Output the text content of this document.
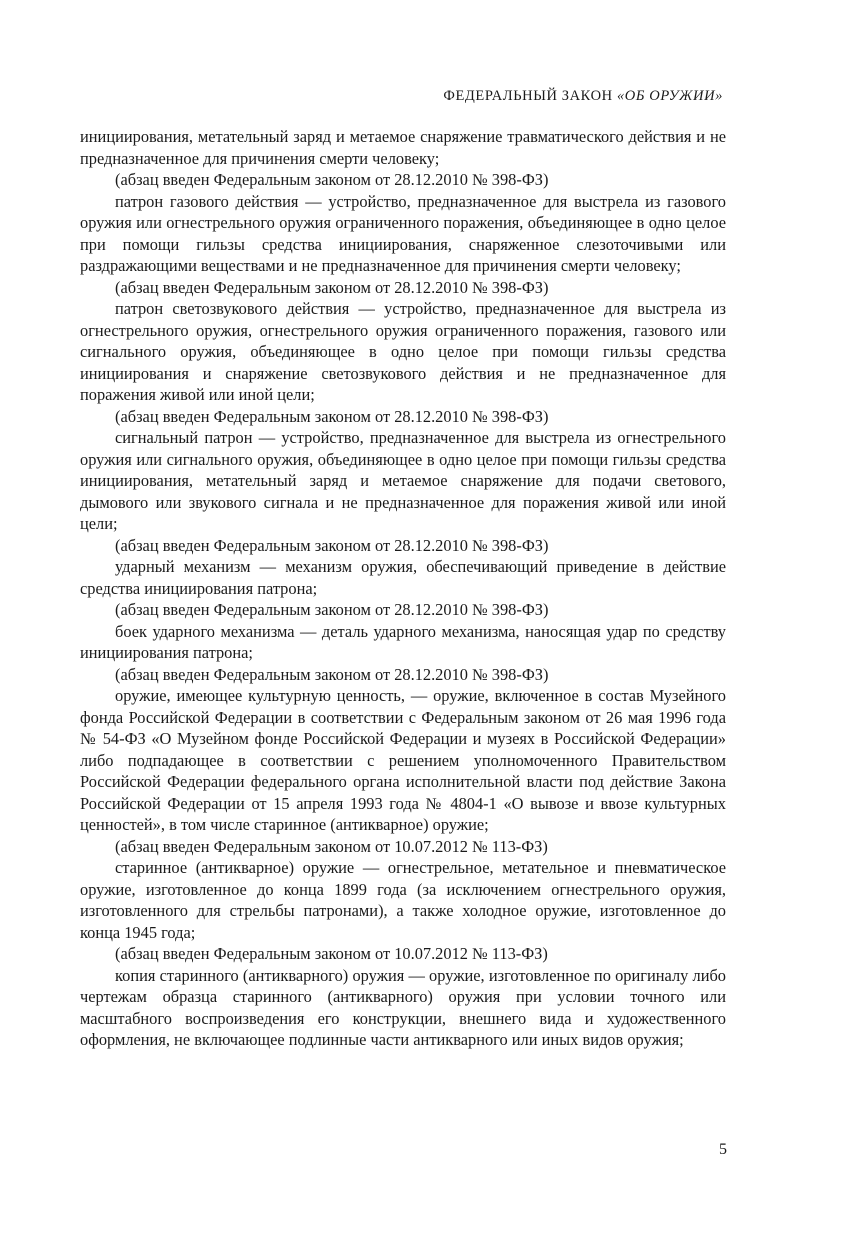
ФЕДЕРАЛЬНЫЙ ЗАКОН «ОБ ОРУЖИИ»

инициирования, метательный заряд и метаемое снаряжение травматического действия и не предназначенное для причинения смерти человеку;

(абзац введен Федеральным законом от 28.12.2010 № 398-ФЗ)

патрон газового действия — устройство, предназначенное для выстрела из газового оружия или огнестрельного оружия ограниченного поражения, объединяющее в одно целое при помощи гильзы средства инициирования, снаряженное слезоточивыми или раздражающими веществами и не предназначенное для причинения смерти человеку;

(абзац введен Федеральным законом от 28.12.2010 № 398-ФЗ)

патрон светозвукового действия — устройство, предназначенное для выстрела из огнестрельного оружия, огнестрельного оружия ограниченного поражения, газового или сигнального оружия, объединяющее в одно целое при помощи гильзы средства инициирования и снаряжение светозвукового действия и не предназначенное для поражения живой или иной цели;

(абзац введен Федеральным законом от 28.12.2010 № 398-ФЗ)

сигнальный патрон — устройство, предназначенное для выстрела из огнестрельного оружия или сигнального оружия, объединяющее в одно целое при помощи гильзы средства инициирования, метательный заряд и метаемое снаряжение для подачи светового, дымового или звукового сигнала и не предназначенное для поражения живой или иной цели;

(абзац введен Федеральным законом от 28.12.2010 № 398-ФЗ)

ударный механизм — механизм оружия, обеспечивающий приведение в действие средства инициирования патрона;

(абзац введен Федеральным законом от 28.12.2010 № 398-ФЗ)

боек ударного механизма — деталь ударного механизма, наносящая удар по средству инициирования патрона;

(абзац введен Федеральным законом от 28.12.2010 № 398-ФЗ)

оружие, имеющее культурную ценность, — оружие, включенное в состав Музейного фонда Российской Федерации в соответствии с Федеральным законом от 26 мая 1996 года № 54-ФЗ «О Музейном фонде Российской Федерации и музеях в Российской Федерации» либо подпадающее в соответствии с решением уполномоченного Правительством Российской Федерации федерального органа исполнительной власти под действие Закона Российской Федерации от 15 апреля 1993 года № 4804-1 «О вывозе и ввозе культурных ценностей», в том числе старинное (антикварное) оружие;

(абзац введен Федеральным законом от 10.07.2012 № 113-ФЗ)

старинное (антикварное) оружие — огнестрельное, метательное и пневматическое оружие, изготовленное до конца 1899 года (за исключением огнестрельного оружия, изготовленного для стрельбы патронами), а также холодное оружие, изготовленное до конца 1945 года;

(абзац введен Федеральным законом от 10.07.2012 № 113-ФЗ)

копия старинного (антикварного) оружия — оружие, изготовленное по оригиналу либо чертежам образца старинного (антикварного) оружия при условии точного или масштабного воспроизведения его конструкции, внешнего вида и художественного оформления, не включающее подлинные части антикварного или иных видов оружия;

5
